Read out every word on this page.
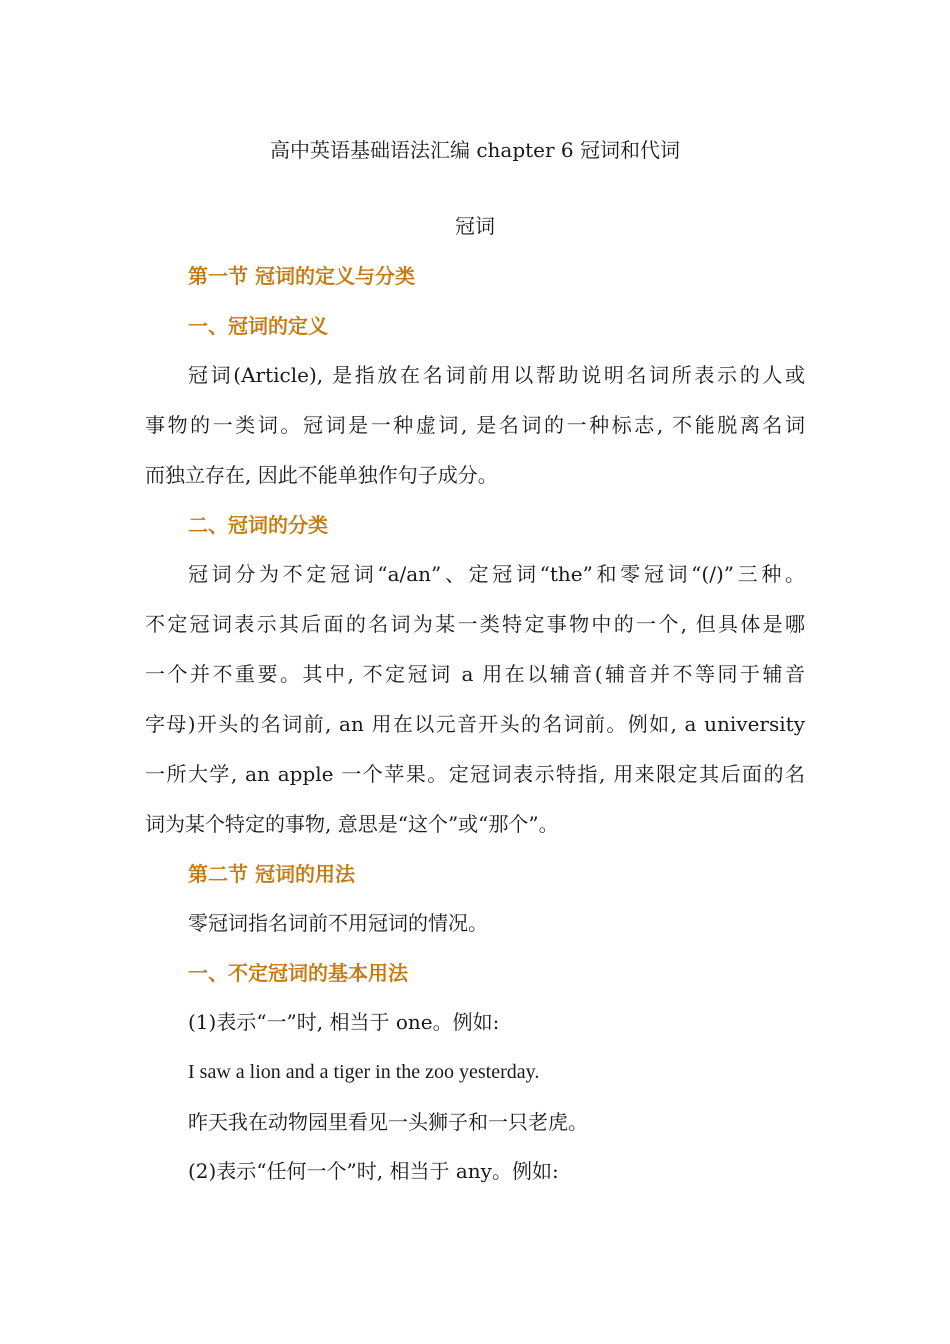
高中英语基础语法汇编 chapter 6 冠词和代词
冠词
第一节 冠词的定义与分类
一、冠词的定义
冠词(Article), 是指放在名词前用以帮助说明名词所表示的人或
事物的一类词。冠词是一种虚词, 是名词的一种标志, 不能脱离名词
而独立存在, 因此不能单独作句子成分。
二、冠词的分类
冠词分为不定冠词“a/an”、定冠词“the”和零冠词“(/)”三种。
不定冠词表示其后面的名词为某一类特定事物中的一个, 但具体是哪
一个并不重要。其中, 不定冠词 a 用在以辅音(辅音并不等同于辅音
字母)开头的名词前, an 用在以元音开头的名词前。例如, a university
一所大学, an apple 一个苹果。定冠词表示特指, 用来限定其后面的名
词为某个特定的事物, 意思是“这个”或“那个”。
第二节 冠词的用法
零冠词指名词前不用冠词的情况。
一、不定冠词的基本用法
(1)表示“一”时, 相当于 one。例如:
I saw a lion and a tiger in the zoo yesterday.
昨天我在动物园里看见一头狮子和一只老虎。
(2)表示“任何一个”时, 相当于 any。例如:
